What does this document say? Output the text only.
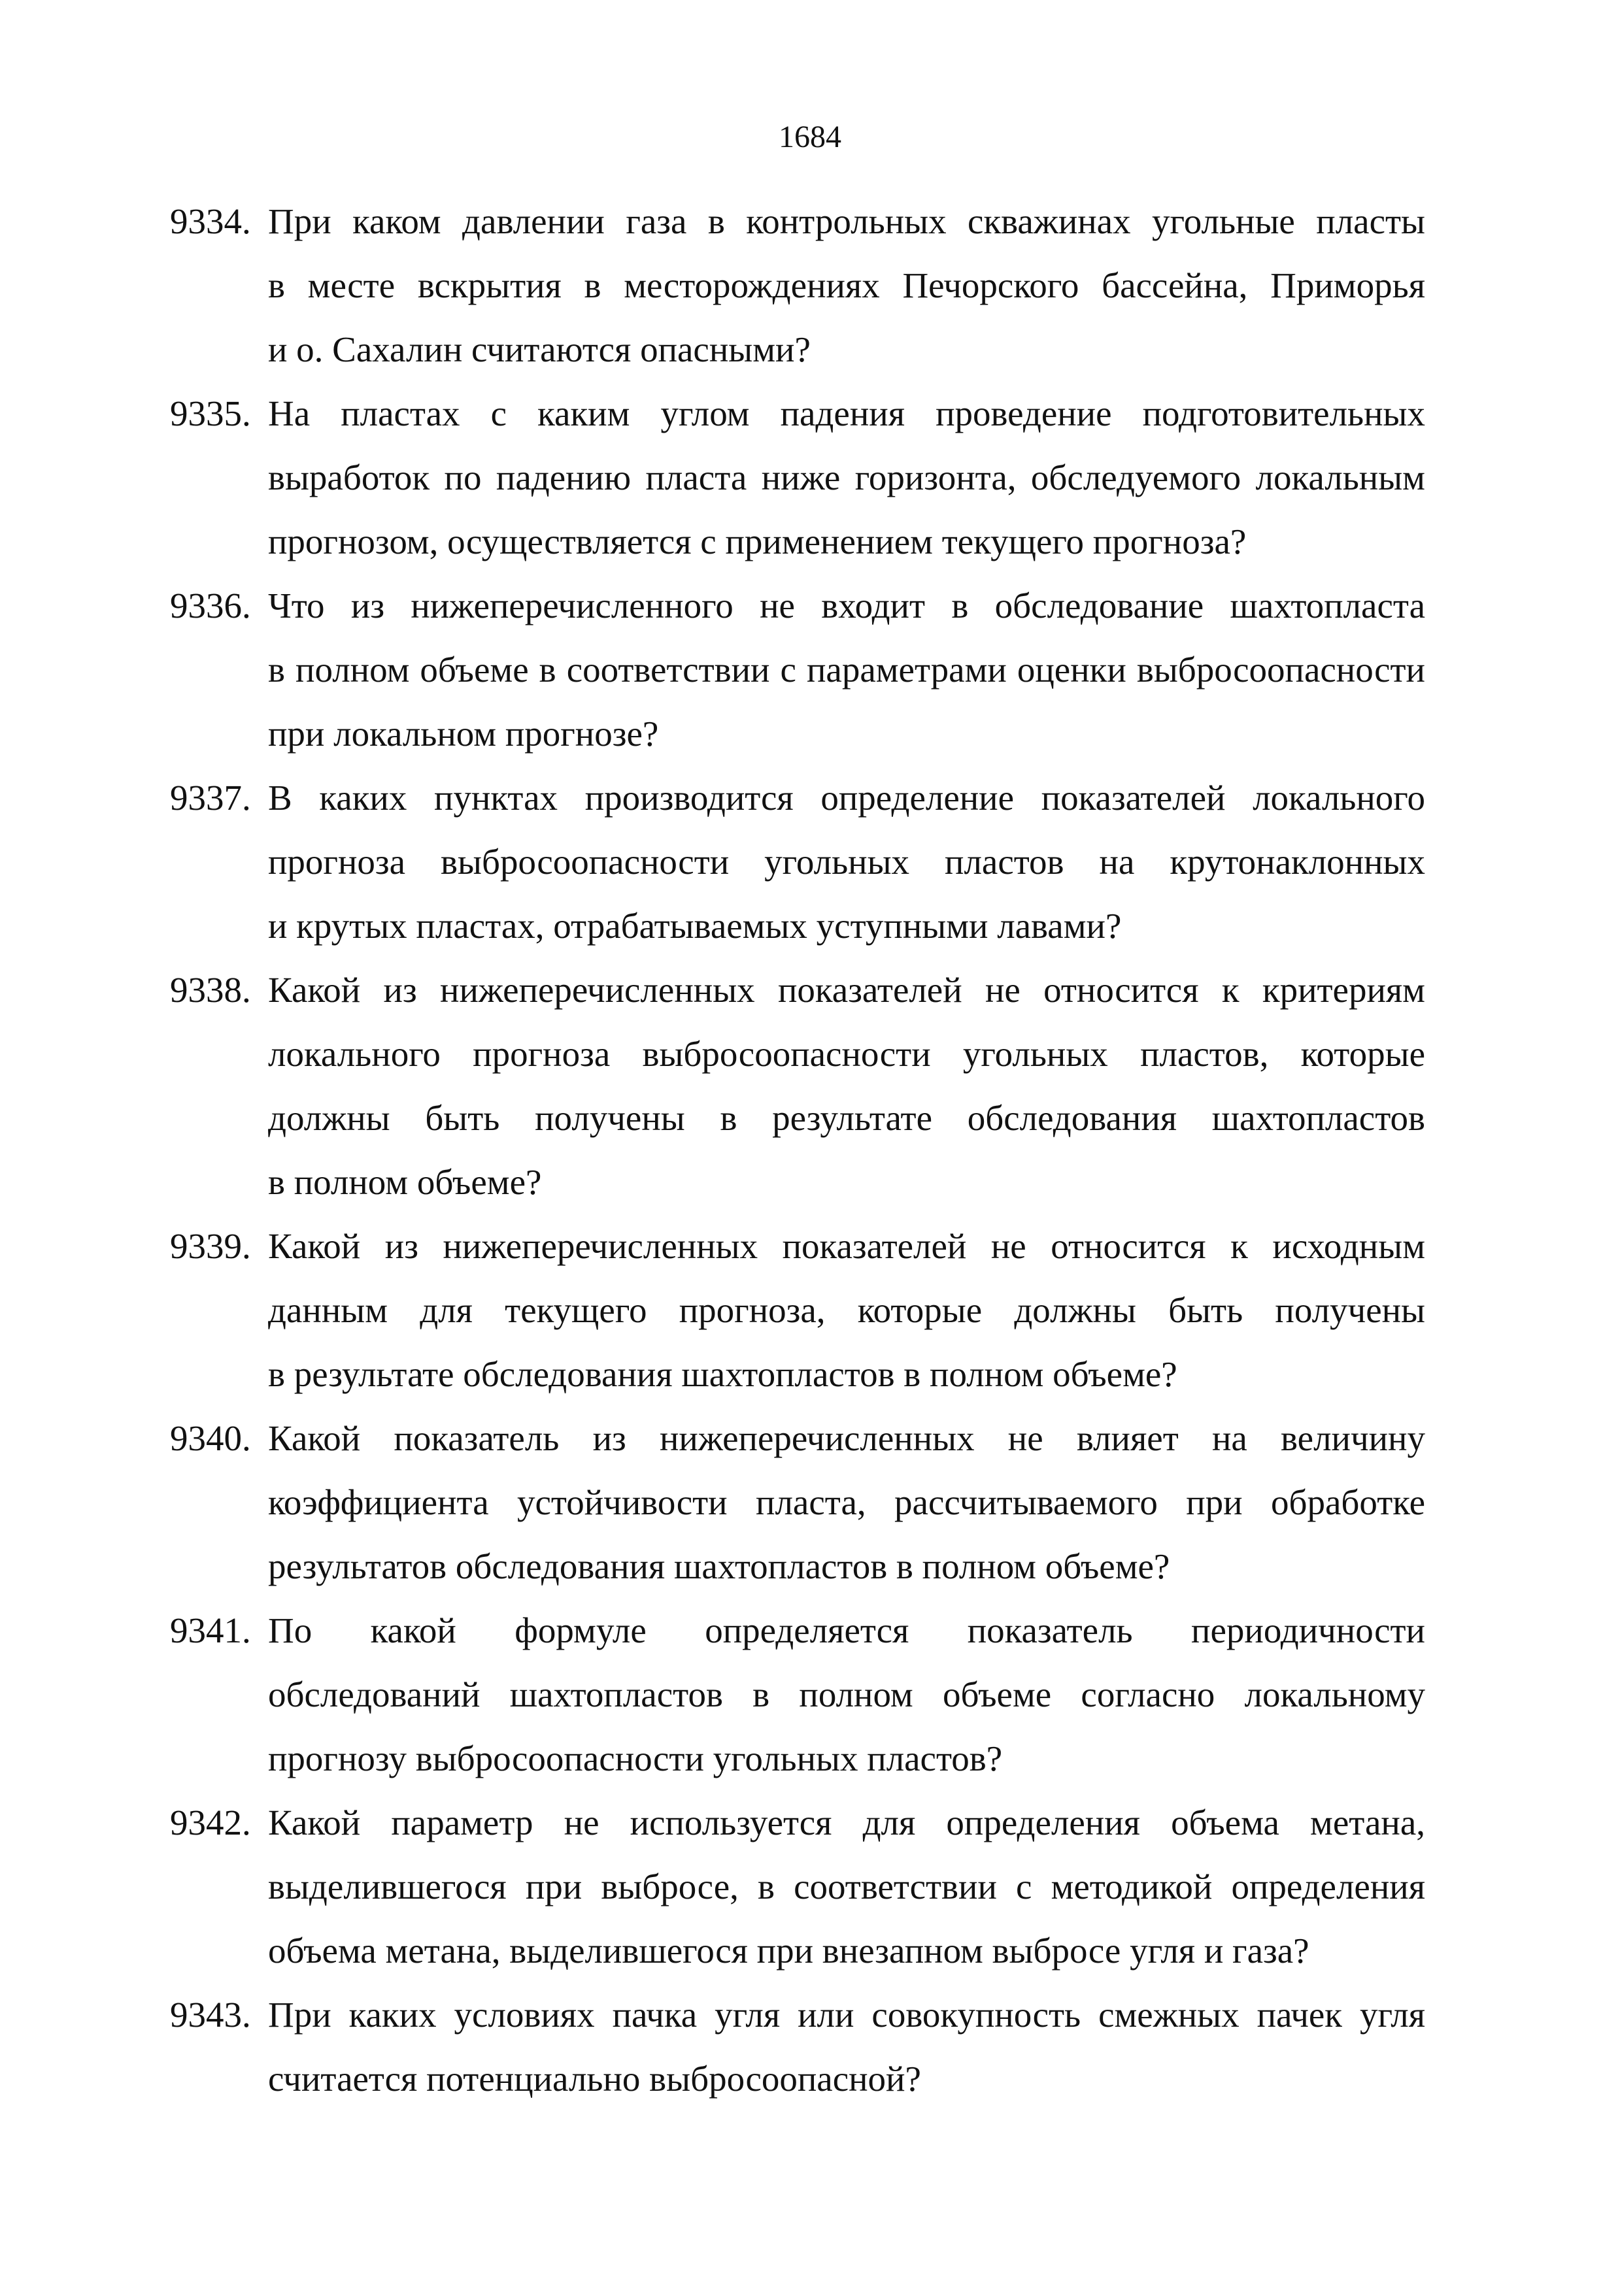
1684
9334. При каком давлении газа в контрольных скважинах угольные пласты
в месте вскрытия в месторождениях Печорского бассейна, Приморья
и о. Сахалин считаются опасными?
9335. На пластах с каким углом падения проведение подготовительных
выработок по падению пласта ниже горизонта, обследуемого локальным
прогнозом, осуществляется с применением текущего прогноза?
9336. Что из нижеперечисленного не входит в обследование шахтопласта
в полном объеме в соответствии с параметрами оценки выбросоопасности
при локальном прогнозе?
9337. В каких пунктах производится определение показателей локального
прогноза выбросоопасности угольных пластов на крутонаклонных
и крутых пластах, отрабатываемых уступными лавами?
9338. Какой из нижеперечисленных показателей не относится к критериям
локального прогноза выбросоопасности угольных пластов, которые
должны быть получены в результате обследования шахтопластов
в полном объеме?
9339. Какой из нижеперечисленных показателей не относится к исходным
данным для текущего прогноза, которые должны быть получены
в результате обследования шахтопластов в полном объеме?
9340. Какой показатель из нижеперечисленных не влияет на величину
коэффициента устойчивости пласта, рассчитываемого при обработке
результатов обследования шахтопластов в полном объеме?
9341. По какой формуле определяется показатель периодичности
обследований шахтопластов в полном объеме согласно локальному
прогнозу выбросоопасности угольных пластов?
9342. Какой параметр не используется для определения объема метана,
выделившегося при выбросе, в соответствии с методикой определения
объема метана, выделившегося при внезапном выбросе угля и газа?
9343. При каких условиях пачка угля или совокупность смежных пачек угля
считается потенциально выбросоопасной?
